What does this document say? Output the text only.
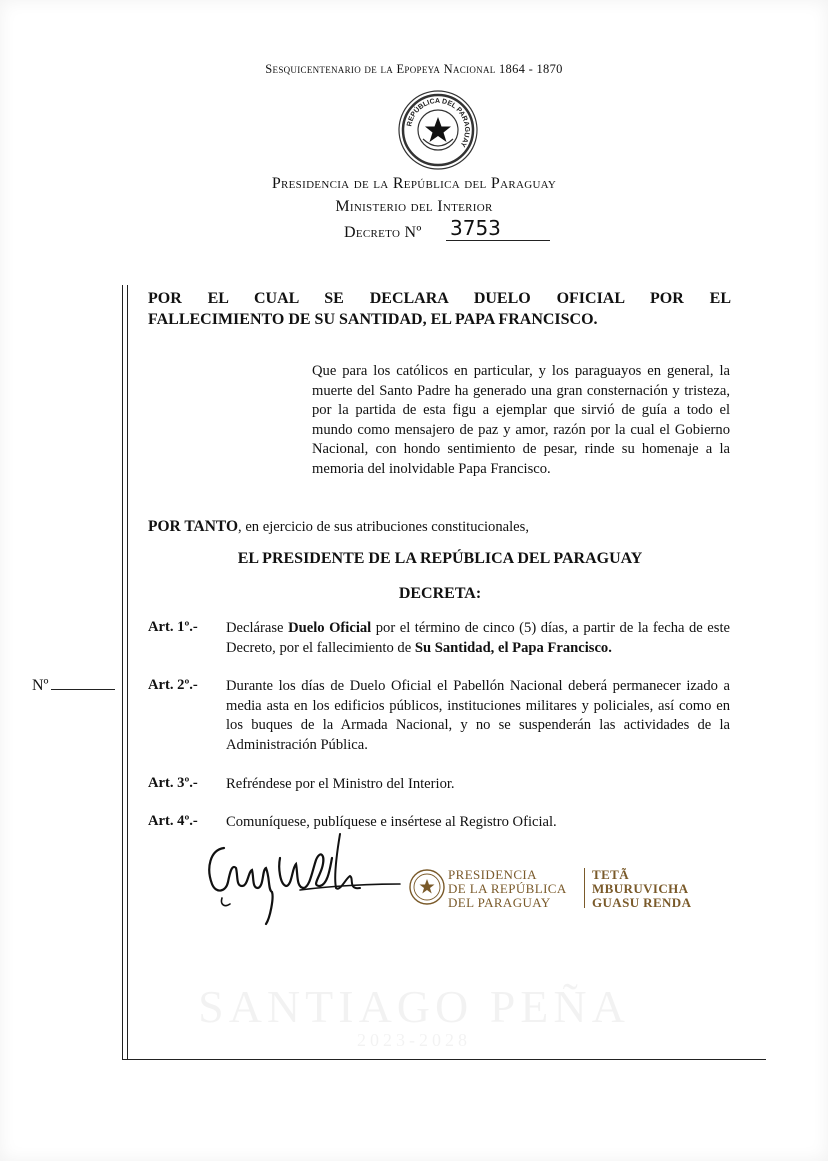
Sesquicentenario de la Epopeya Nacional 1864 - 1870
REPÚBLICA DEL PARAGUAY
Presidencia de la República del Paraguay
Ministerio del Interior
Decreto Nº 3753
POR EL CUAL SE DECLARA DUELO OFICIAL POR EL
FALLECIMIENTO DE SU SANTIDAD, EL PAPA FRANCISCO.
Que para los católicos en particular, y los paraguayos en general, la muerte del Santo Padre ha generado una gran consternación y tristeza, por la partida de esta figu a ejemplar que sirvió de guía a todo el mundo como mensajero de paz y amor, razón por la cual el Gobierno Nacional, con hondo sentimiento de pesar, rinde su homenaje a la memoria del inolvidable Papa Francisco.
POR TANTO, en ejercicio de sus atribuciones constitucionales,
EL PRESIDENTE DE LA REPÚBLICA DEL PARAGUAY
DECRETA:
Art. 1º.- Declárase Duelo Oficial por el término de cinco (5) días, a partir de la fecha de este Decreto, por el fallecimiento de Su Santidad, el Papa Francisco.
Art. 2º.- Durante los días de Duelo Oficial el Pabellón Nacional deberá permanecer izado a media asta en los edificios públicos, instituciones militares y policiales, así como en los buques de la Armada Nacional, y no se suspenderán las actividades de la Administración Pública.
Art. 3º.- Refréndese por el Ministro del Interior.
Art. 4º.- Comuníquese, publíquese e insértese al Registro Oficial.
Nº
PRESIDENCIA
DE LA REPÚBLICA
DEL PARAGUAY
TETÃ
MBURUVICHA
GUASU RENDA
SANTIAGO PEÑA
2023-2028
